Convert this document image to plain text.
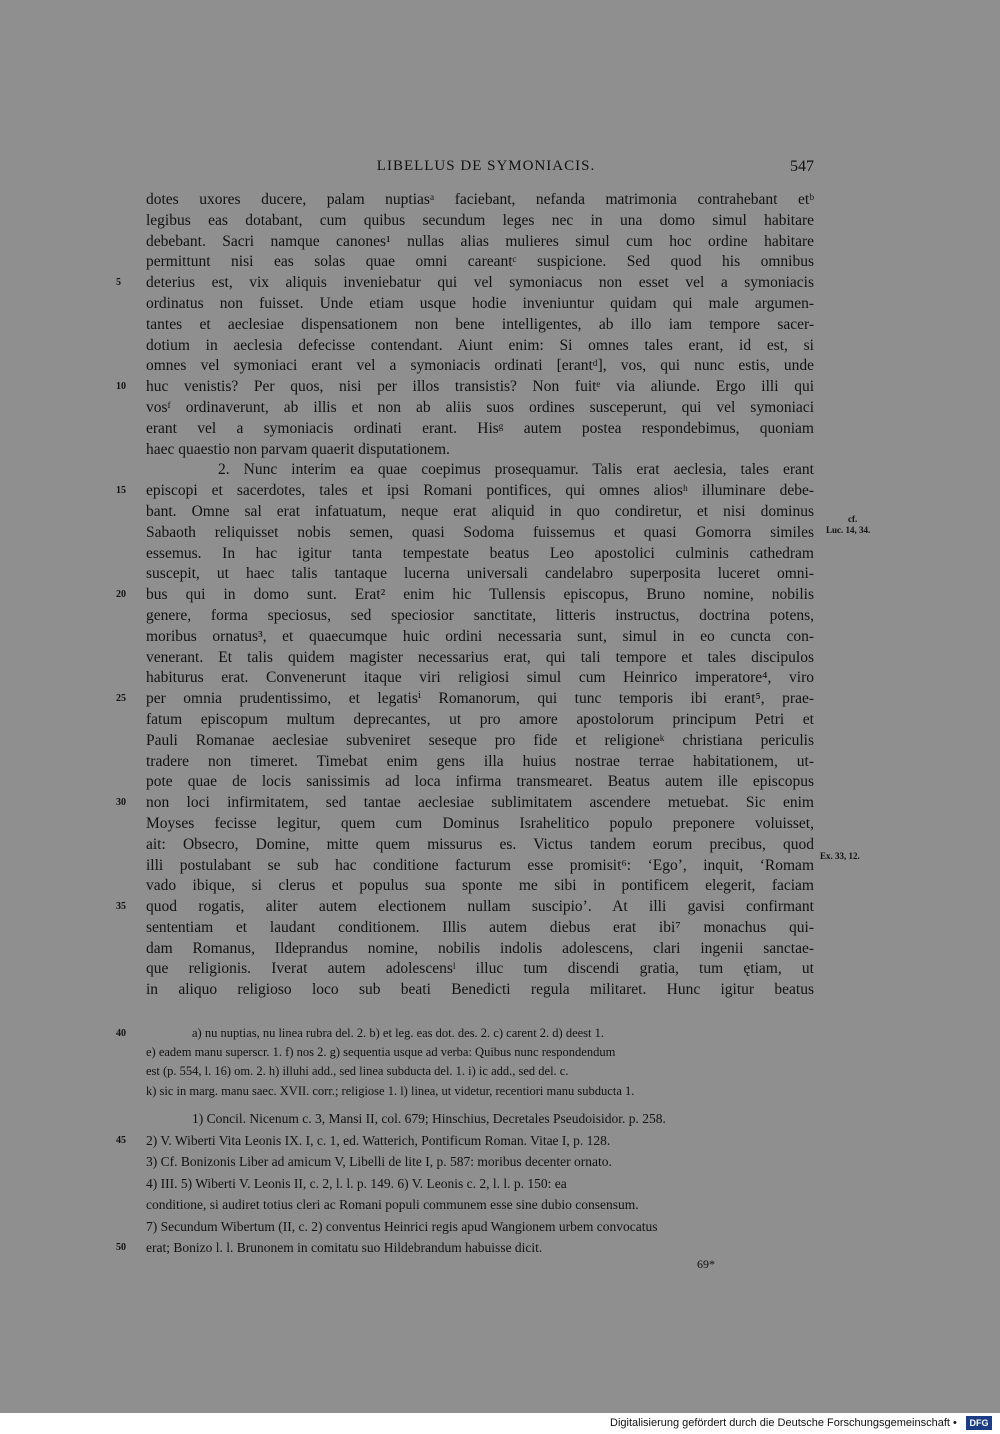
LIBELLUS DE SYMONIACIS.	547
dotes uxores ducere, palam nuptiasᵃ faciebant, nefanda matrimonia contrahebant etᵇ
legibus eas dotabant, cum quibus secundum leges nec in una domo simul habitare
debebant. Sacri namque canones¹ nullas alias mulieres simul cum hoc ordine habitare
permittunt nisi eas solas quae omni careantᶜ suspicione. Sed quod his omnibus
5	deterius est, vix aliquis inveniebatur qui vel symoniacus non esset vel a symoniacis
ordinatus non fuisset. Unde etiam usque hodie inveniuntur quidam qui male argumen-
tantes et aeclesiae dispensationem non bene intelligentes, ab illo iam tempore sacer-
dotium in aeclesia defecisse contendant. Aiunt enim: Si omnes tales erant, id est, si
omnes vel symoniaci erant vel a symoniacis ordinati [erantᵈ], vos, qui nunc estis, unde
10	huc venistis? Per quos, nisi per illos transistis? Non fuitᵉ via aliunde. Ergo illi qui
vosᶠ ordinaverunt, ab illis et non ab aliis suos ordines susceperunt, qui vel symoniaci
erant vel a symoniacis ordinati erant. Hisᵍ autem postea respondebimus, quoniam
haec quaestio non parvam quaerit disputationem.
2. Nunc interim ea quae coepimus prosequamur. Talis erat aeclesia, tales erant
15	episcopi et sacerdotes, tales et ipsi Romani pontifices, qui omnes aliosʰ illuminare debe-
bant. Omne sal erat infatuatum, neque erat aliquid in quo condiretur, et nisi dominus
Sabaoth reliquisset nobis semen, quasi Sodoma fuissemus et quasi Gomorra similes
essemus. In hac igitur tanta tempestate beatus Leo apostolici culminis cathedram
suscepit, ut haec talis tantaque lucerna universali candelabro superposita luceret omni-
20	bus qui in domo sunt. Erat² enim hic Tullensis episcopus, Bruno nomine, nobilis
genere, forma speciosus, sed speciosior sanctitate, litteris instructus, doctrina potens,
moribus ornatus³, et quaecumque huic ordini necessaria sunt, simul in eo cuncta con-
venerant. Et talis quidem magister necessarius erat, qui tali tempore et tales discipulos
habiturus erat. Convenerunt itaque viri religiosi simul cum Heinrico imperatore⁴, viro
25	per omnia prudentissimo, et legatisⁱ Romanorum, qui tunc temporis ibi erant⁵, prae-
fatum episcopum multum deprecantes, ut pro amore apostolorum principum Petri et
Pauli Romanae aeclesiae subveniret seseque pro fide et religioneᵏ christiana periculis
tradere non timeret. Timebat enim gens illa huius nostrae terrae habitationem, ut-
pote quae de locis sanissimis ad loca infirma transmearet. Beatus autem ille episcopus
30	non loci infirmitatem, sed tantae aeclesiae sublimitatem ascendere metuebat. Sic enim
Moyses fecisse legitur, quem cum Dominus Israhelitico populo preponere voluisset,
ait: Obsecro, Domine, mitte quem missurus es. Victus tandem eorum precibus, quod
illi postulabant se sub hac conditione facturum esse promisit⁶: ‘Ego’, inquit, ‘Romam
vado ibique, si clerus et populus sua sponte me sibi in pontificem elegerit, faciam
35	quod rogatis, aliter autem electionem nullam suscipio’. At illi gavisi confirmant
sententiam et laudant conditionem. Illis autem diebus erat ibi⁷ monachus qui-
dam Romanus, Ildeprandus nomine, nobilis indolis adolescens, clari ingenii sanctae-
que religionis. Iverat autem adolescensˡ illuc tum discendi gratia, tum ętiam, ut
in aliquo religioso loco sub beati Benedicti regula militaret. Hunc igitur beatus
cf.
Luc. 14, 34.
Ex. 33, 12.
40	a) nu nuptias, nu linea rubra del. 2. b) et leg. eas dot. des. 2. c) carent 2. d) deest 1.
e) eadem manu superscr. 1. f) nos 2. g) sequentia usque ad verba: Quibus nunc respondendum
est (p. 554, l. 16) om. 2. h) illuhi add., sed linea subducta del. 1. i) ic add., sed del. c.
k) sic in marg. manu saec. XVII. corr.; religiose 1. l) linea, ut videtur, recentiori manu subducta 1.
1) Concil. Nicenum c. 3, Mansi II, col. 679; Hinschius, Decretales Pseudoisidor. p. 258.
45	2) V. Wiberti Vita Leonis IX. I, c. 1, ed. Watterich, Pontificum Roman. Vitae I, p. 128.
3) Cf. Bonizonis Liber ad amicum V, Libelli de lite I, p. 587: moribus decenter ornato.
4) III. 5) Wiberti V. Leonis II, c. 2, l. l. p. 149. 6) V. Leonis c. 2, l. l. p. 150: ea
conditione, si audiret totius cleri ac Romani populi communem esse sine dubio consensum.
7) Secundum Wibertum (II, c. 2) conventus Heinrici regis apud Wangionem urbem convocatus
50	erat; Bonizo l. l. Brunonem in comitatu suo Hildebrandum habuisse dicit.
69*
Digitalisierung gefördert durch die Deutsche Forschungsgemeinschaft •	DFG
